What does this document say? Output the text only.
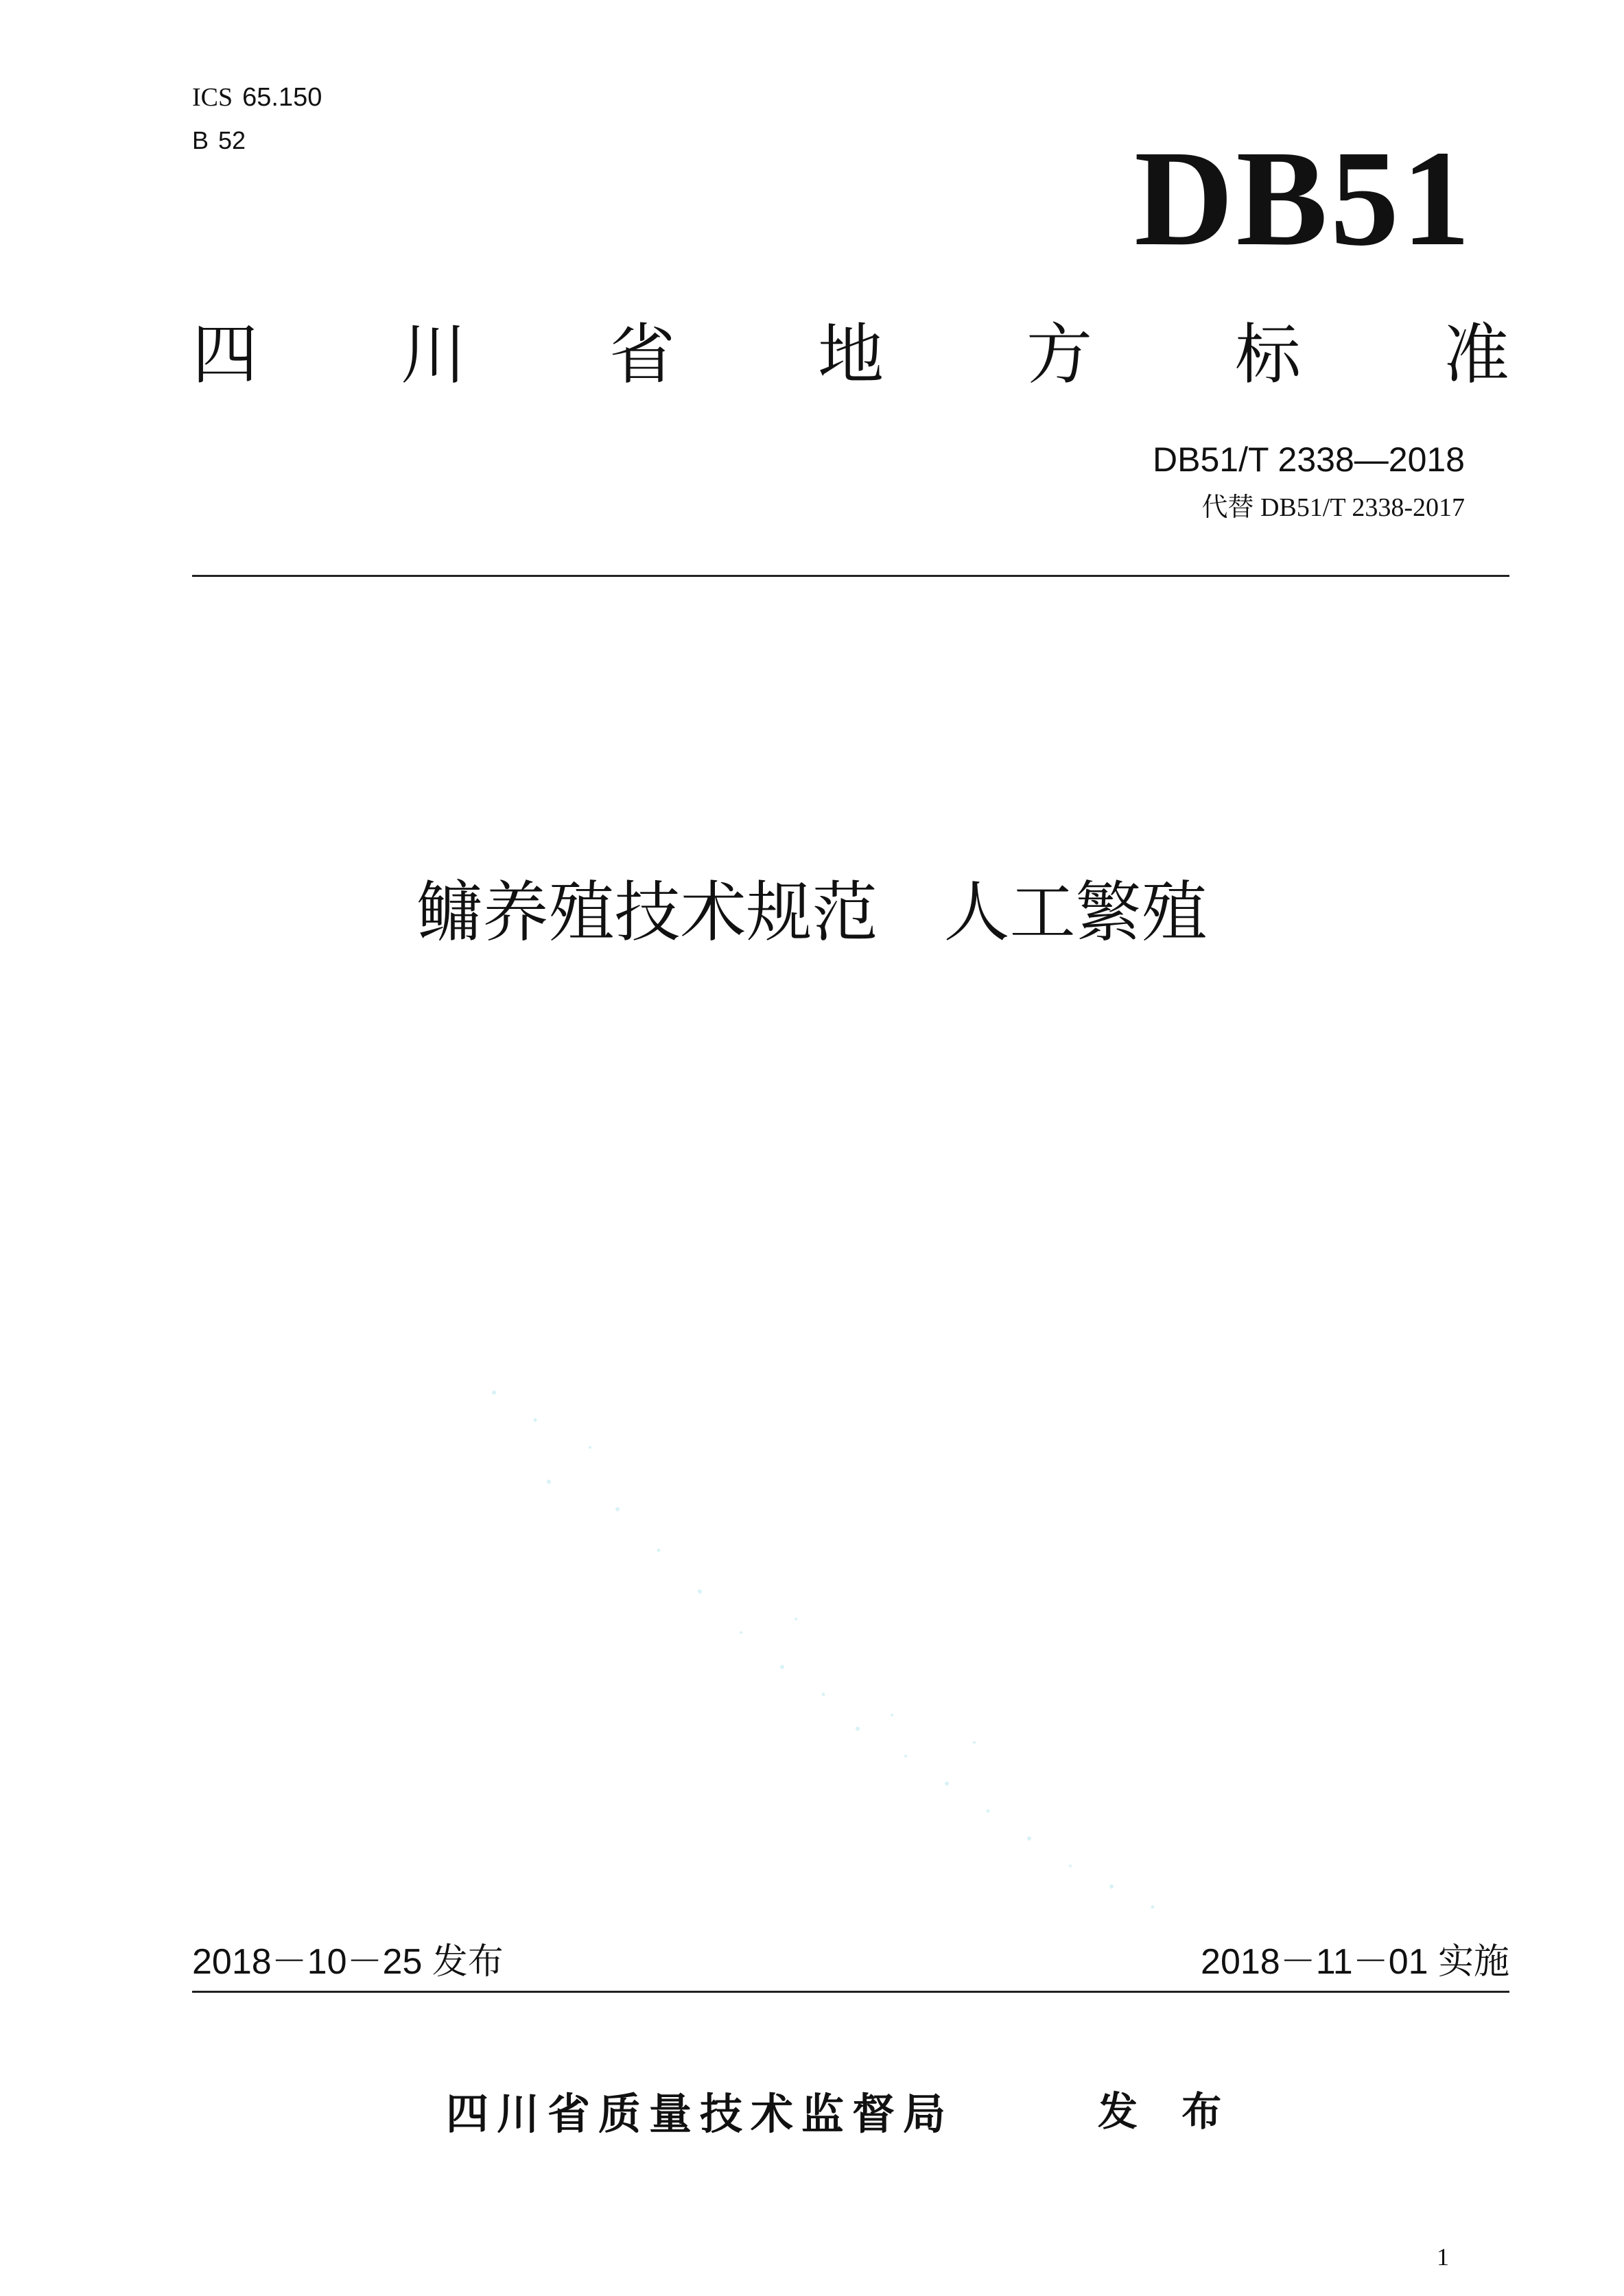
ICS 65.150
B 52	DB51
四 川 省 地 方 标 准
DB51/T 2338—2018
代替 DB51/T 2338-2017
鳙养殖技术规范　人工繁殖
2018－10－25 发布	2018－11－01 实施
四川省质量技术监督局	发 布
1
